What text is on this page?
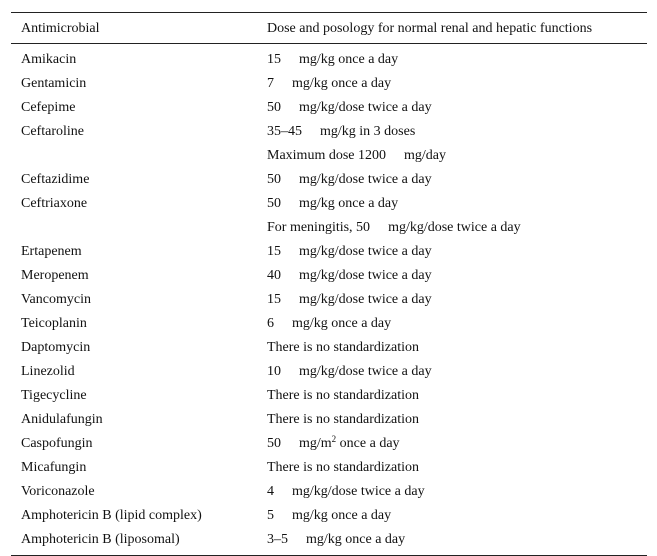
Antimicrobial	Dose and posology for normal renal and hepatic functions
Amikacin	15 mg/kg once a day
Gentamicin	7 mg/kg once a day
Cefepime	50 mg/kg/dose twice a day
Ceftaroline	35–45 mg/kg in 3 doses
Maximum dose 1200 mg/day
Ceftazidime	50 mg/kg/dose twice a day
Ceftriaxone	50 mg/kg once a day
For meningitis, 50 mg/kg/dose twice a day
Ertapenem	15 mg/kg/dose twice a day
Meropenem	40 mg/kg/dose twice a day
Vancomycin	15 mg/kg/dose twice a day
Teicoplanin	6 mg/kg once a day
Daptomycin	There is no standardization
Linezolid	10 mg/kg/dose twice a day
Tigecycline	There is no standardization
Anidulafungin	There is no standardization
Caspofungin	50 $mg/m^2$ once a day
Micafungin	There is no standardization
Voriconazole	4 mg/kg/dose twice a day
Amphotericin B (lipid complex)	5 mg/kg once a day
Amphotericin B (liposomal)	3–5 mg/kg once a day
